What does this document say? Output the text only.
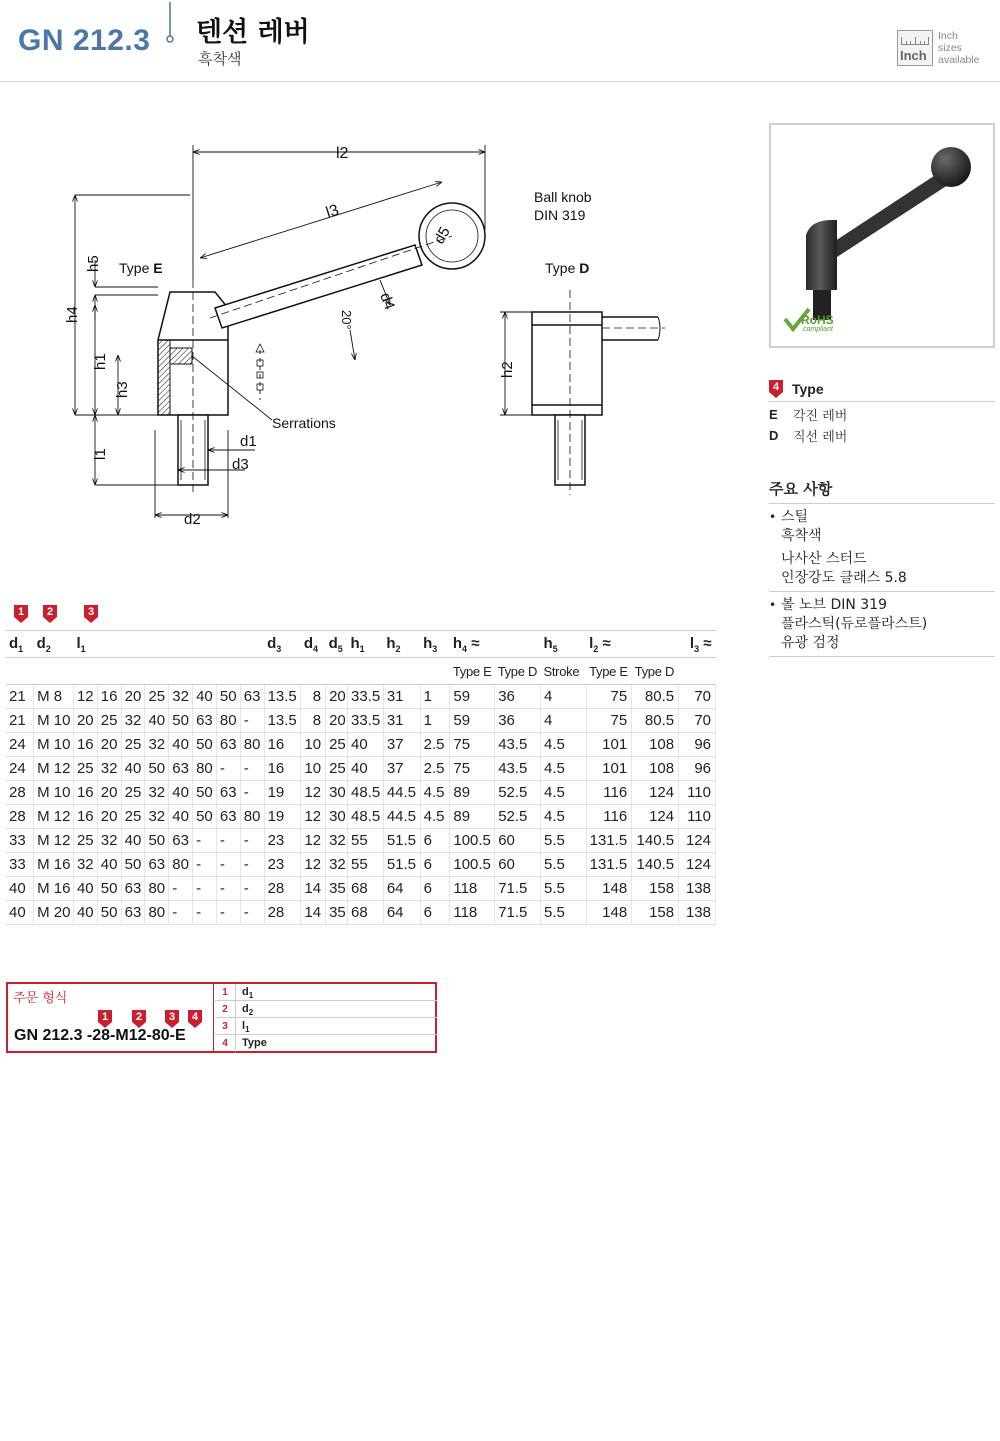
GN 212.3 텐션 레버
흑착색	Inch
Inch
sizes
available
l2
l3
d5
d4
20°
Ball knob
DIN 319
Type E	Type D
h5
h4
h1
h3
l1
d1
d3
d2
h2
Serrations
RoHS
compliant
4 Type
E	각진 레버
D	직선 레버
주요 사항
• 스틸
흑착색
나사산 스터드
인장강도 클래스 5.8
• 볼 노브 DIN 319
플라스틱(듀로플라스트)
유광 검정
1	2	3
$d_1$	$d_2$	$l_1$								$d_3$	$d_4$	$d_5$	$h_1$	$h_2$	$h_3$	$h_4$ ≈		$h_5$	$l_2$ ≈		$l_3$ ≈
																Type E	Type D	Stroke	Type E	Type D	
21	M 8	12	16	20	25	32	40	50	63	13.5	8	20	33.5	31	1	59	36	4	75	80.5	70
21	M 10	20	25	32	40	50	63	80	-	13.5	8	20	33.5	31	1	59	36	4	75	80.5	70
24	M 10	16	20	25	32	40	50	63	80	16	10	25	40	37	2.5	75	43.5	4.5	101	108	96
24	M 12	25	32	40	50	63	80	-	-	16	10	25	40	37	2.5	75	43.5	4.5	101	108	96
28	M 10	16	20	25	32	40	50	63	-	19	12	30	48.5	44.5	4.5	89	52.5	4.5	116	124	110
28	M 12	16	20	25	32	40	50	63	80	19	12	30	48.5	44.5	4.5	89	52.5	4.5	116	124	110
33	M 12	25	32	40	50	63	-	-	-	23	12	32	55	51.5	6	100.5	60	5.5	131.5	140.5	124
33	M 16	32	40	50	63	80	-	-	-	23	12	32	55	51.5	6	100.5	60	5.5	131.5	140.5	124
40	M 16	40	50	63	80	-	-	-	-	28	14	35	68	64	6	118	71.5	5.5	148	158	138
40	M 20	40	50	63	80	-	-	-	-	28	14	35	68	64	6	118	71.5	5.5	148	158	138
주문 형식
1	2	3	4
GN 212.3 -28-M12-80-E
1	$d_1$
2	$d_2$
3	$l_1$
4	Type
